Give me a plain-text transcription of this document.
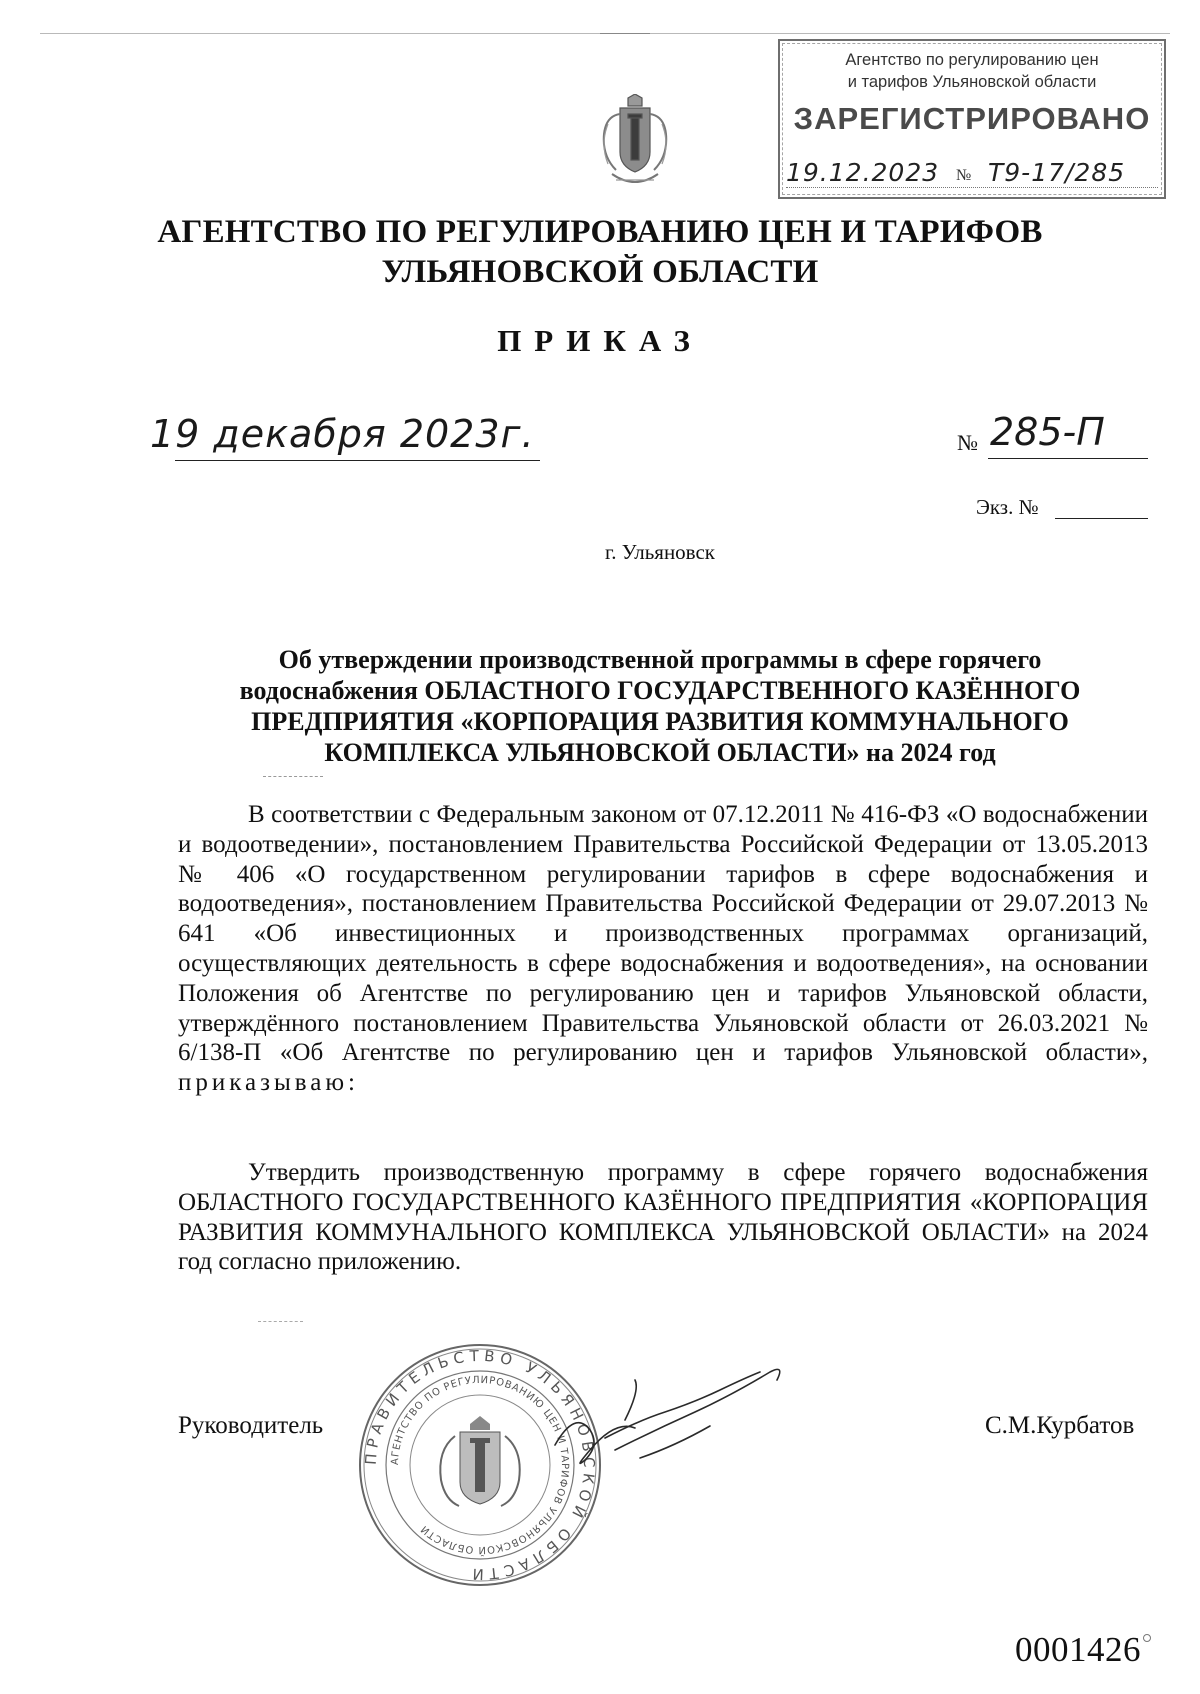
Агентство по регулированию цен
и тарифов Ульяновской области
ЗАРЕГИСТРИРОВАНО
19.12.2023 № Т9-17/285
АГЕНТСТВО ПО РЕГУЛИРОВАНИЮ ЦЕН И ТАРИФОВ
УЛЬЯНОВСКОЙ ОБЛАСТИ
ПРИКАЗ
19 декабря 2023г.	№ 285-П
Экз. №
г. Ульяновск
Об утверждении производственной программы в сфере горячего
водоснабжения ОБЛАСТНОГО ГОСУДАРСТВЕННОГО КАЗЁННОГО
ПРЕДПРИЯТИЯ «КОРПОРАЦИЯ РАЗВИТИЯ КОММУНАЛЬНОГО
КОМПЛЕКСА УЛЬЯНОВСКОЙ ОБЛАСТИ» на 2024 год
В соответствии с Федеральным законом от 07.12.2011 № 416-ФЗ «О водоснабжении и водоотведении», постановлением Правительства Российской Федерации от 13.05.2013 № 406 «О государственном регулировании тарифов в сфере водоснабжения и водоотведения», постановлением Правительства Российской Федерации от 29.07.2013 № 641 «Об инвестиционных и производственных программах организаций, осуществляющих деятельность в сфере водоснабжения и водоотведения», на основании Положения об Агентстве по регулированию цен и тарифов Ульяновской области, утверждённого постановлением Правительства Ульяновской области от 26.03.2021 № 6/138-П «Об Агентстве по регулированию цен и тарифов Ульяновской области», приказываю:
Утвердить производственную программу в сфере горячего водоснабжения ОБЛАСТНОГО ГОСУДАРСТВЕННОГО КАЗЁННОГО ПРЕДПРИЯТИЯ «КОРПОРАЦИЯ РАЗВИТИЯ КОММУНАЛЬНОГО КОМПЛЕКСА УЛЬЯНОВСКОЙ ОБЛАСТИ» на 2024 год согласно приложению.
ПРАВИТЕЛЬСТВО УЛЬЯНОВСКОЙ ОБЛАСТИ
АГЕНТСТВО ПО РЕГУЛИРОВАНИЮ ЦЕН И ТАРИФОВ УЛЬЯНОВСКОЙ ОБЛАСТИ
Руководитель	С.М.Курбатов
0001426
